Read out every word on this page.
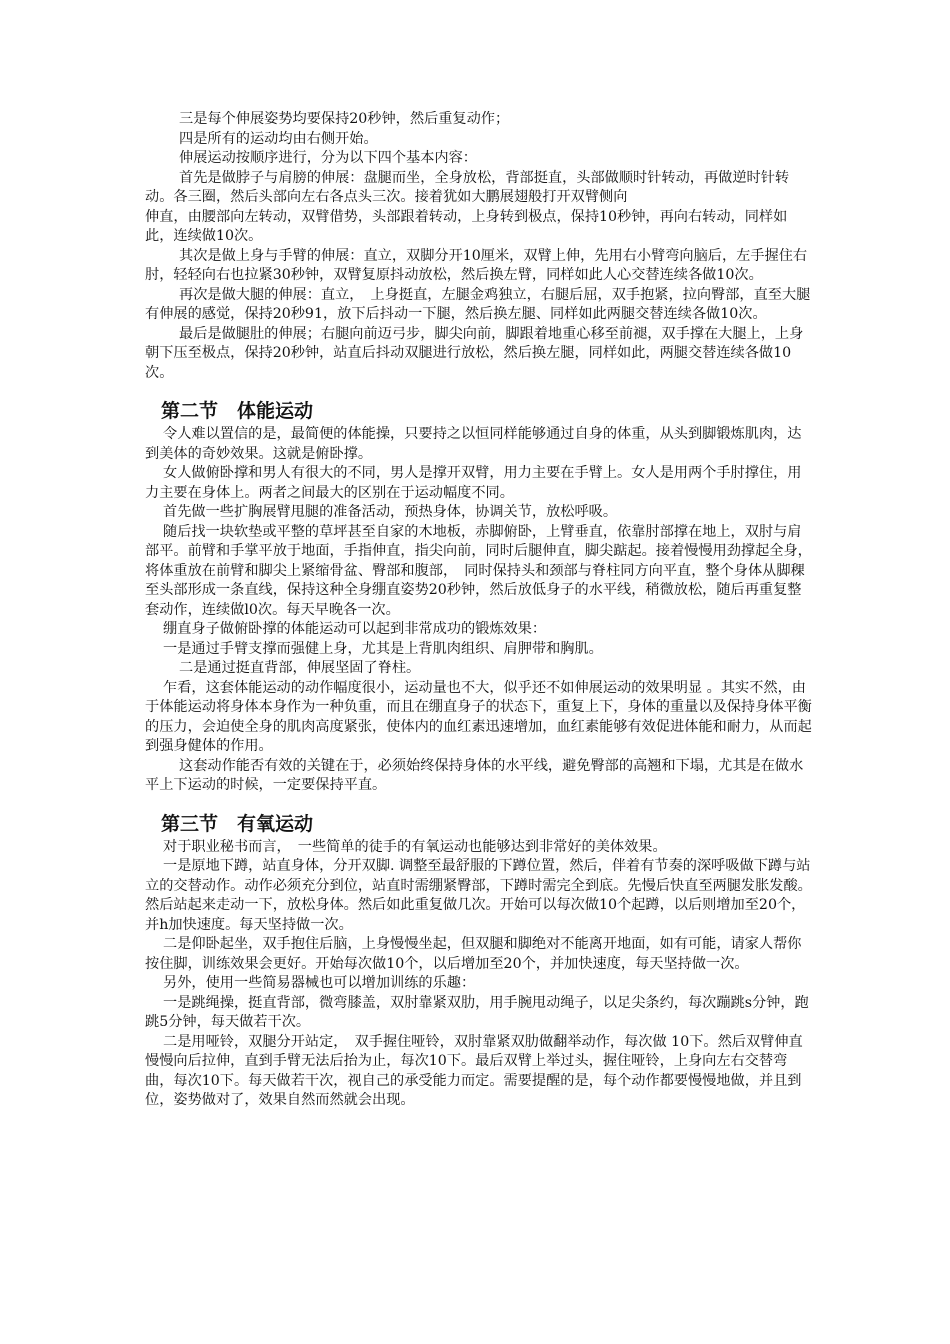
三是每个伸展姿势均要保持20秒钟，然后重复动作；

四是所有的运动均由右侧开始。

伸展运动按顺序进行，分为以下四个基本内容：

首先是做脖子与肩膀的伸展：盘腿而坐，全身放松，背部挺直，头部做顺时针转动，再做逆时针转动。各三圈，然后头部向左右各点头三次。接着犹如大鹏展翅般打开双臂侧向

伸直，由腰部向左转动，双臂借势，头部跟着转动，上身转到极点，保持10秒钟，再向右转动，同样如此，连续做10次。

其次是做上身与手臂的伸展：直立，双脚分开10厘米，双臂上伸，先用右小臂弯向脑后，左手握住右肘，轻轻向右也拉紧30秒钟，双臂复原抖动放松，然后换左臂，同样如此人心交替连续各做10次。

再次是做大腿的伸展：直立，　上身挺直，左腿金鸡独立，右腿后屈，双手抱紧，拉向臀部，直至大腿有伸展的感觉，保持20秒91，放下后抖动一下腿，然后换左腿、同样如此两腿交替连续各做10次。

最后是做腿肚的伸展；右腿向前迈弓步，脚尖向前，脚跟着地重心移至前褪，双手撑在大腿上，上身朝下压至极点，保持20秒钟，站直后抖动双腿进行放松，然后换左腿，同样如此，两腿交替连续各做10次。

第二节　体能运动

令人难以置信的是，最简便的体能操，只要持之以恒同样能够通过自身的体重，从头到脚锻炼肌肉，达到美体的奇妙效果。这就是俯卧撑。

女人做俯卧撑和男人有很大的不同，男人是撑开双臂，用力主要在手臂上。女人是用两个手肘撑住，用力主要在身体上。两者之间最大的区别在于运动幅度不同。

首先做一些扩胸展臂甩腿的准备活动，预热身体，协调关节，放松呼吸。

随后找一块软垫或平整的草坪甚至自家的木地板，赤脚俯卧，上臂垂直，依靠肘部撑在地上，双肘与肩部平。前臂和手掌平放于地面，手指伸直，指尖向前，同时后腿伸直，脚尖踮起。接着慢慢用劲撑起全身，将体重放在前臂和脚尖上紧缩骨盆、臀部和腹部，　同时保持头和颈部与脊柱同方向平直，整个身体从脚稞至头部形成一条直线，保持这种全身绷直姿势20秒钟，然后放低身子的水平线，稍微放松，随后再重复整套动作，连续做l0次。每天早晚各一次。

绷直身子做俯卧撑的体能运动可以起到非常成功的锻炼效果：

一是通过手臂支撑而强健上身，尤其是上背肌肉组织、肩胛带和胸肌。

二是通过挺直背部，伸展坚固了脊柱。

乍看，这套体能运动的动作幅度很小，运动量也不大，似乎还不如伸展运动的效果明显 。其实不然，由于体能运动将身体本身作为一种负重，而且在绷直身子的状态下，重复上下，身体的重量以及保持身体平衡的压力，会迫使全身的肌肉高度紧张，使体内的血红素迅速增加，血红素能够有效促进体能和耐力，从而起到强身健体的作用。

这套动作能否有效的关键在于，必须始终保持身体的水平线，避免臀部的高翘和下塌，尤其是在做水平上下运动的时候，一定要保持平直。

第三节　有氧运动

对于职业秘书而言，　一些简单的徒手的有氧运动也能够达到非常好的美体效果。

一是原地下蹲，站直身体，分开双脚. 调整至最舒服的下蹲位置，然后，伴着有节奏的深呼吸做下蹲与站立的交替动作。动作必须充分到位，站直时需绷紧臀部，下蹲时需完全到底。先慢后快直至两腿发胀发酸。然后站起来走动一下，放松身体。然后如此重复做几次。开始可以每次做10个起蹲，以后则增加至20个，并h加快速度。每天坚持做一次。

二是仰卧起坐，双手抱住后脑，上身慢慢坐起，但双腿和脚绝对不能离开地面，如有可能，请家人帮你按住脚，训练效果会更好。开始每次做10个，以后增加至20个，并加快速度，每天坚持做一次。

另外，使用一些简易器械也可以增加训练的乐趣：

一是跳绳操，挺直背部，微弯膝盖，双肘靠紧双肋，用手腕甩动绳子，以足尖条约，每次蹦跳s分钟，跑跳5分钟，每天做若干次。

二是用哑铃，双腿分开站定，　双手握住哑铃，双肘靠紧双肋做翻举动作，每次做 10下。然后双臂伸直慢慢向后拉伸，直到手臂无法后抬为止，每次10下。最后双臂上举过头，握住哑铃，上身向左右交替弯曲，每次10下。每天做若干次，视自己的承受能力而定。需要提醒的是，每个动作都要慢慢地做，并且到位，姿势做对了，效果自然而然就会出现。
